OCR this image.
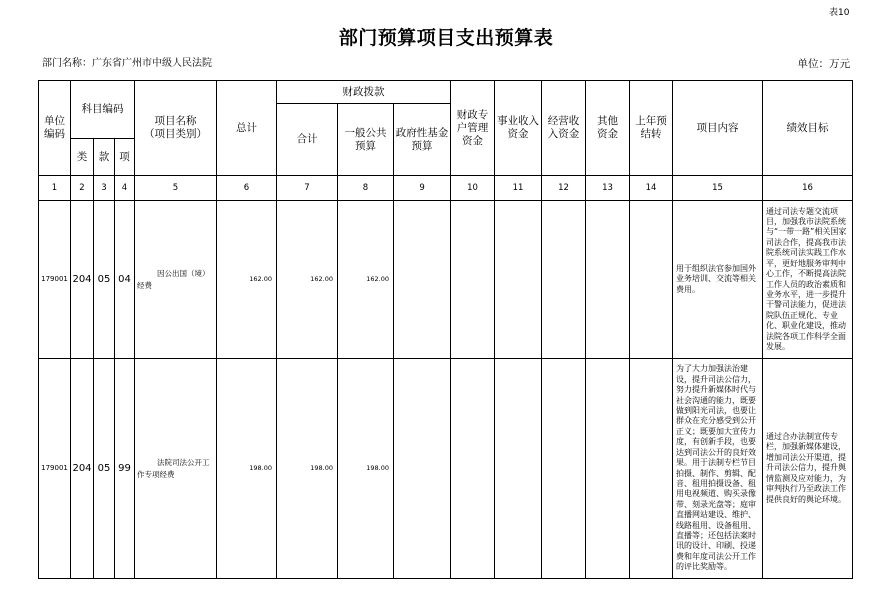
表10
部门预算项目支出预算表
部门名称：广东省广州市中级人民法院	单位：万元
单位编码	科目编码			项目名称
（项目类别）	总计	财政拨款			财政专户管理资金	事业收入资金	经营收入资金	其他资金	上年预结转	项目内容	绩效目标
						合计	一般公共预算	政府性基金预算							
	类	款	项												
1	2	3	4	5	6	7	8	9	10	11	12	13	14	15	16
179001	204	05	04	因公出国（境）经费	162.00	162.00	162.00							用于组织法官参加国外业务培训、交流等相关费用。	通过司法专题交流项目，加强我市法院系统与“一带一路”相关国家司法合作，提高我市法院系统司法实践工作水平，更好地服务审判中心工作，不断提高法院工作人员的政治素质和业务水平，进一步提升干警司法能力，促进法院队伍正规化、专业化、职业化建设，推动法院各项工作科学全面发展。

179001	204	05	99	法院司法公开工作专项经费	198.00	198.00	198.00							为了大力加强法治建设，提升司法公信力，努力提升新媒体时代与社会沟通的能力，既要做到阳光司法，也要让群众在充分感受到公开正义；既要加大宣传力度，有创新手段，也要达到司法公开的良好效果。用于法制专栏节目拍摄、制作、剪辑、配音、租用拍摄设备、租用电视频道、购买录像带、刻录光盘等；庭审直播网站建设、维护、线路租用、设备租用、直播等；还包括法案时讯的设计、印刷、投递费和年度司法公开工作的评比奖励等。	通过合办法制宣传专栏，加强新媒体建设，增加司法公开渠道，提升司法公信力，提升舆情监测及应对能力，为审判执行乃至政法工作提供良好的舆论环境。
